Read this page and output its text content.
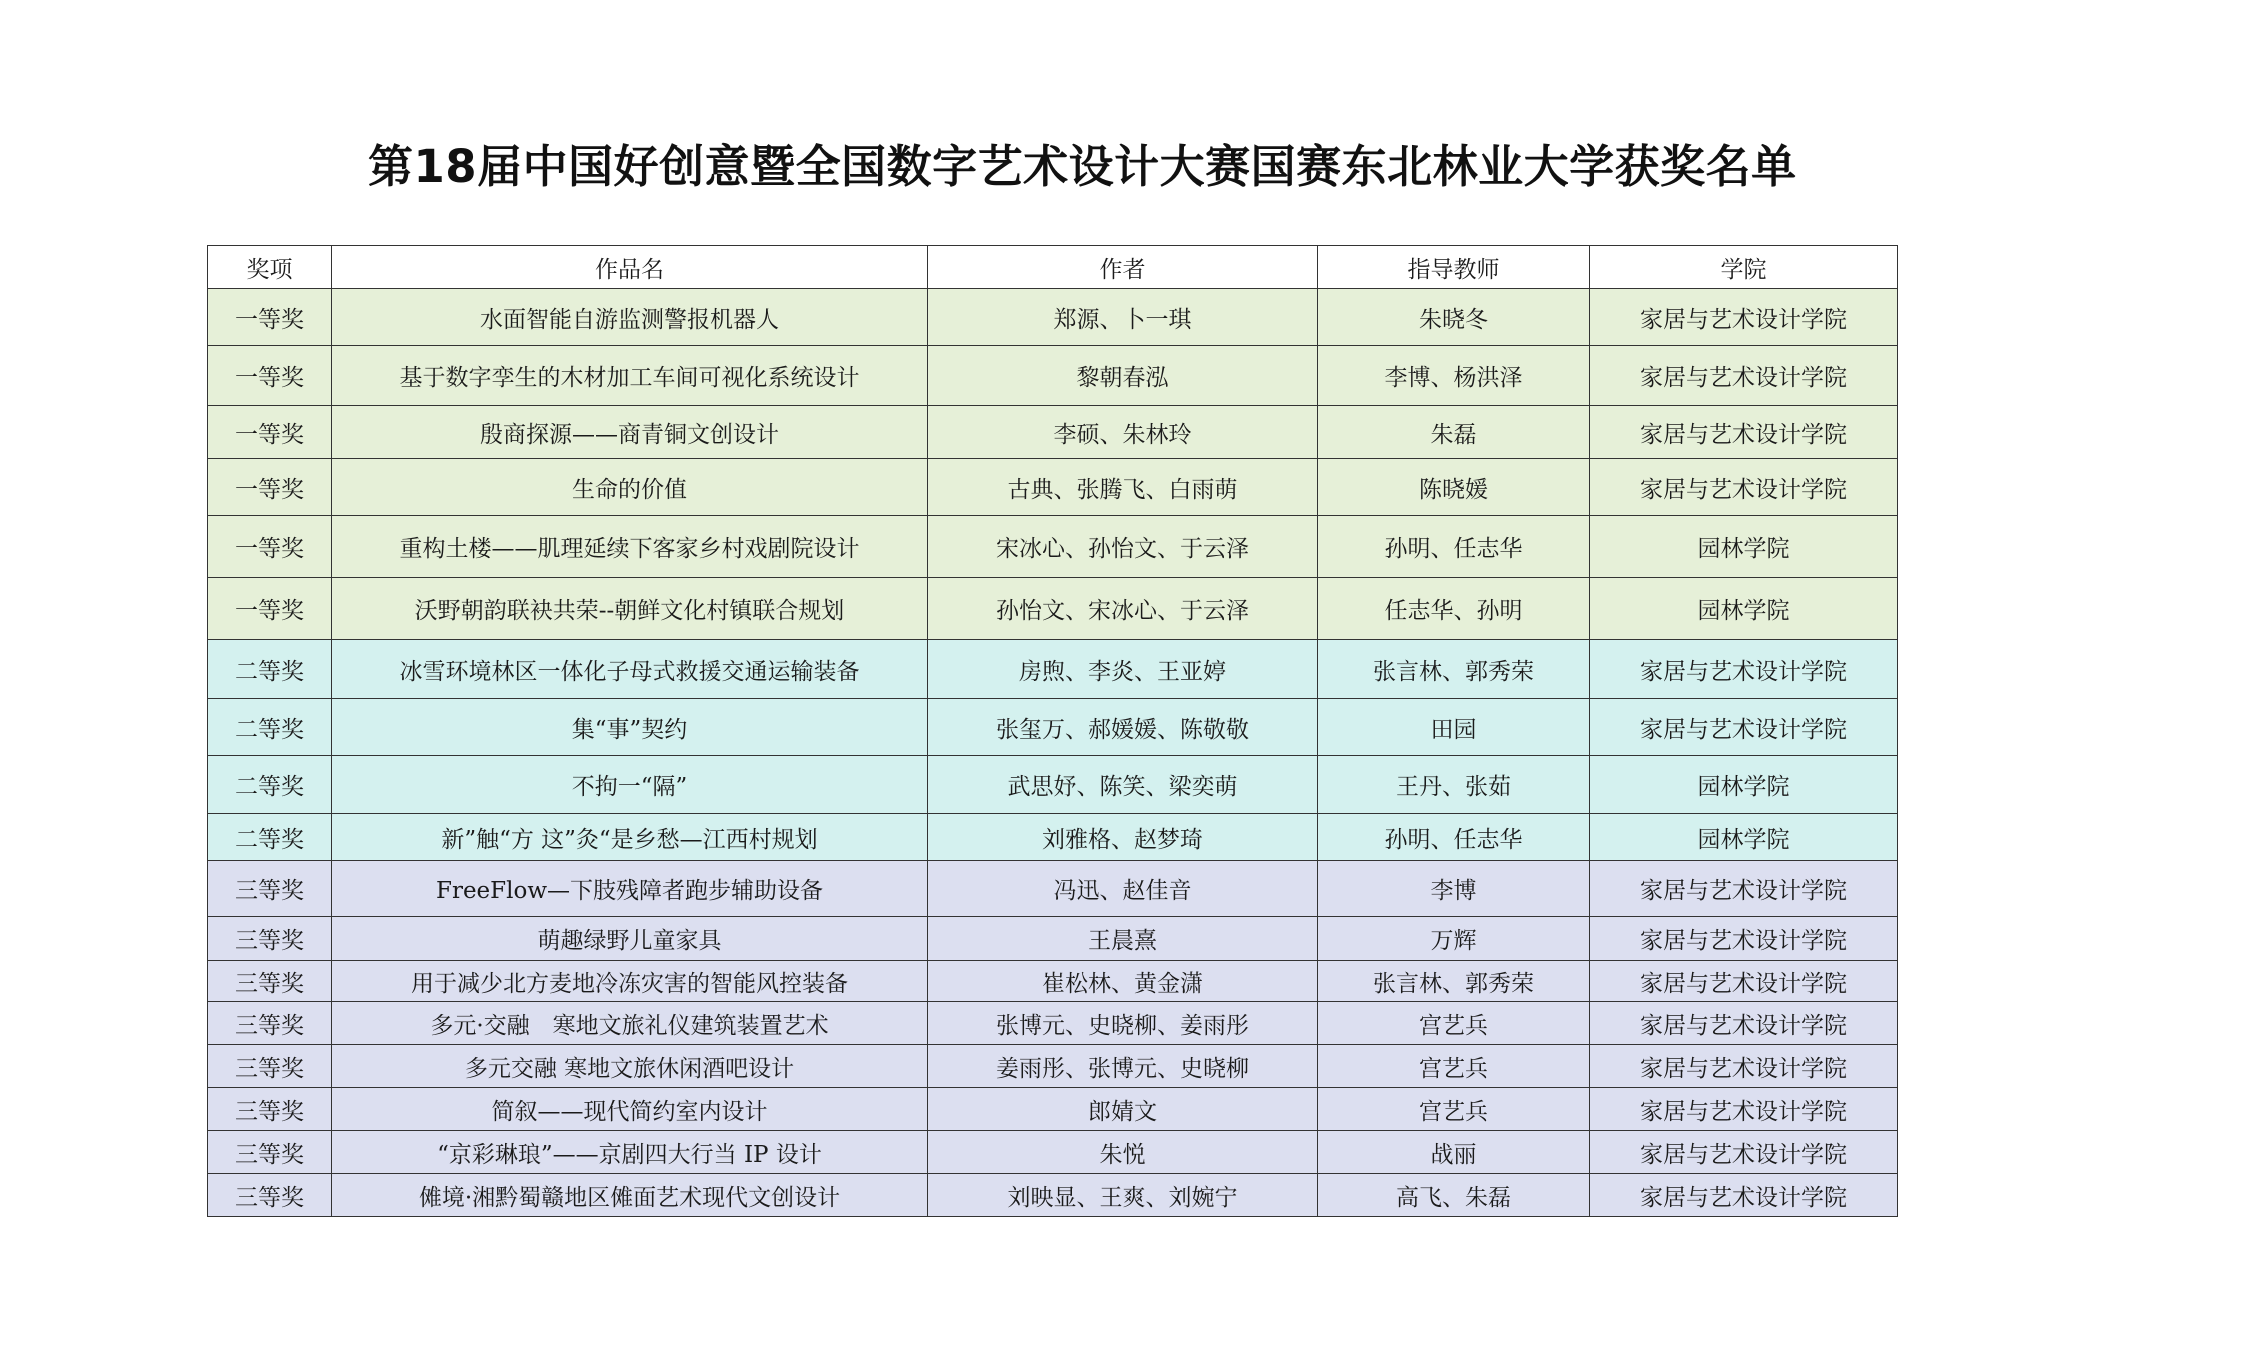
第18届中国好创意暨全国数字艺术设计大赛国赛东北林业大学获奖名单
奖项	作品名	作者	指导教师	学院
一等奖	水面智能自游监测警报机器人	郑源、卜一琪	朱晓冬	家居与艺术设计学院
一等奖	基于数字孪生的木材加工车间可视化系统设计	黎朝春泓	李博、杨洪泽	家居与艺术设计学院
一等奖	殷商探源——商青铜文创设计	李硕、朱林玲	朱磊	家居与艺术设计学院
一等奖	生命的价值	古典、张腾飞、白雨萌	陈晓媛	家居与艺术设计学院
一等奖	重构土楼——肌理延续下客家乡村戏剧院设计	宋冰心、孙怡文、于云泽	孙明、任志华	园林学院
一等奖	沃野朝韵联袂共荣--朝鲜文化村镇联合规划	孙怡文、宋冰心、于云泽	任志华、孙明	园林学院
二等奖	冰雪环境林区一体化子母式救援交通运输装备	房煦、李炎、王亚婷	张言林、郭秀荣	家居与艺术设计学院
二等奖	集“事”契约	张玺万、郝媛媛、陈敬敬	田园	家居与艺术设计学院
二等奖	不拘一“隔”	武思妤、陈笑、梁奕萌	王丹、张茹	园林学院
二等奖	新”触“方 这”灸“是乡愁—江西村规划	刘雅格、赵梦琦	孙明、任志华	园林学院
三等奖	FreeFlow—下肢残障者跑步辅助设备	冯迅、赵佳音	李博	家居与艺术设计学院
三等奖	萌趣绿野儿童家具	王晨熹	万辉	家居与艺术设计学院
三等奖	用于减少北方麦地冷冻灾害的智能风控装备	崔松林、黄金潇	张言林、郭秀荣	家居与艺术设计学院
三等奖	多元·交融　寒地文旅礼仪建筑装置艺术	张博元、史晓柳、姜雨彤	宫艺兵	家居与艺术设计学院
三等奖	多元交融 寒地文旅休闲酒吧设计	姜雨彤、张博元、史晓柳	宫艺兵	家居与艺术设计学院
三等奖	简叙——现代简约室内设计	郎婧文	宫艺兵	家居与艺术设计学院
三等奖	“京彩琳琅”——京剧四大行当 IP 设计	朱悦	战丽	家居与艺术设计学院
三等奖	傩境·湘黔蜀赣地区傩面艺术现代文创设计	刘映显、王爽、刘婉宁	高飞、朱磊	家居与艺术设计学院
